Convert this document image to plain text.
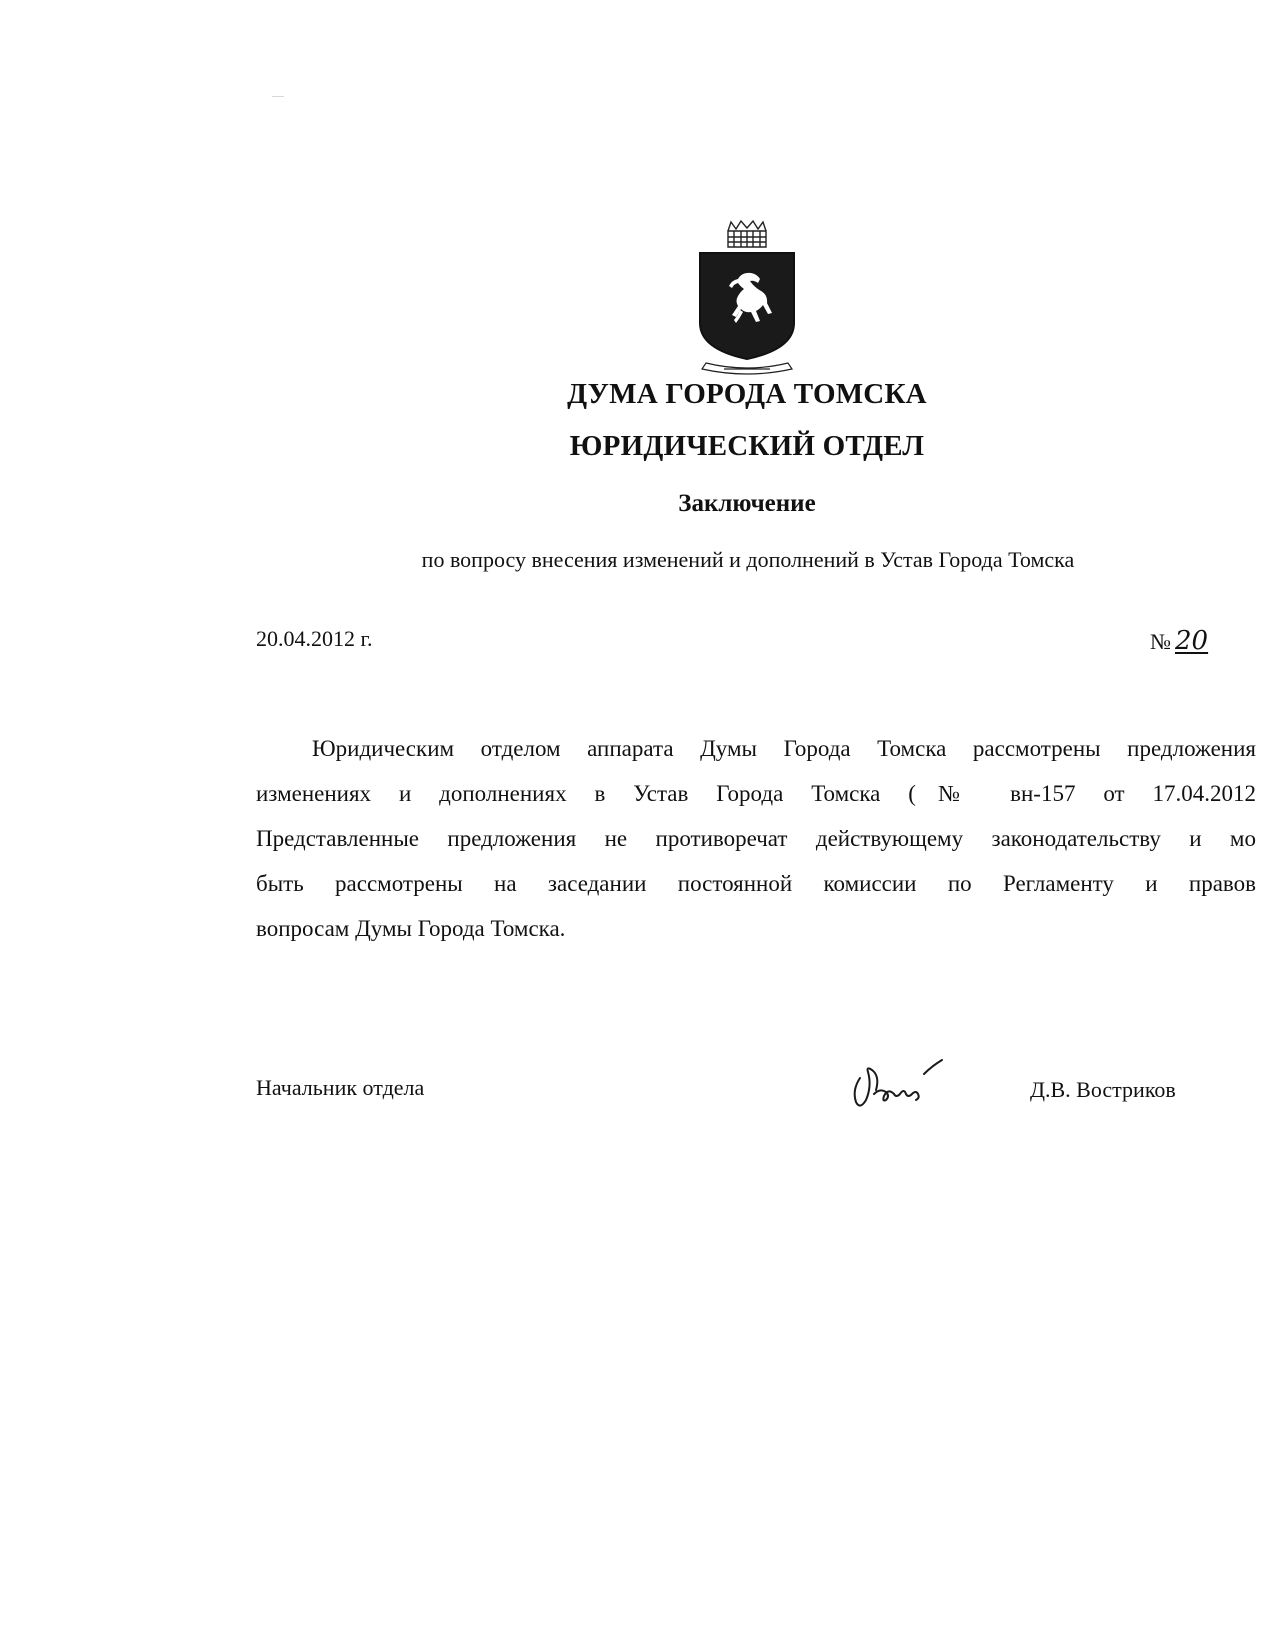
ДУМА ГОРОДА ТОМСКА
ЮРИДИЧЕСКИЙ ОТДЕЛ
Заключение
по вопросу внесения изменений и дополнений в Устав Города Томска
20.04.2012 г.	№ 20
Юридическим отделом аппарата Думы Города Томска рассмотрены предложения
изменениях и дополнениях в Устав Города Томска (№ вн-157 от 17.04.2012
Представленные предложения не противоречат действующему законодательству и мо
быть рассмотрены на заседании постоянной комиссии по Регламенту и правов
вопросам Думы Города Томска.
Начальник отдела	Д.В. Востриков
